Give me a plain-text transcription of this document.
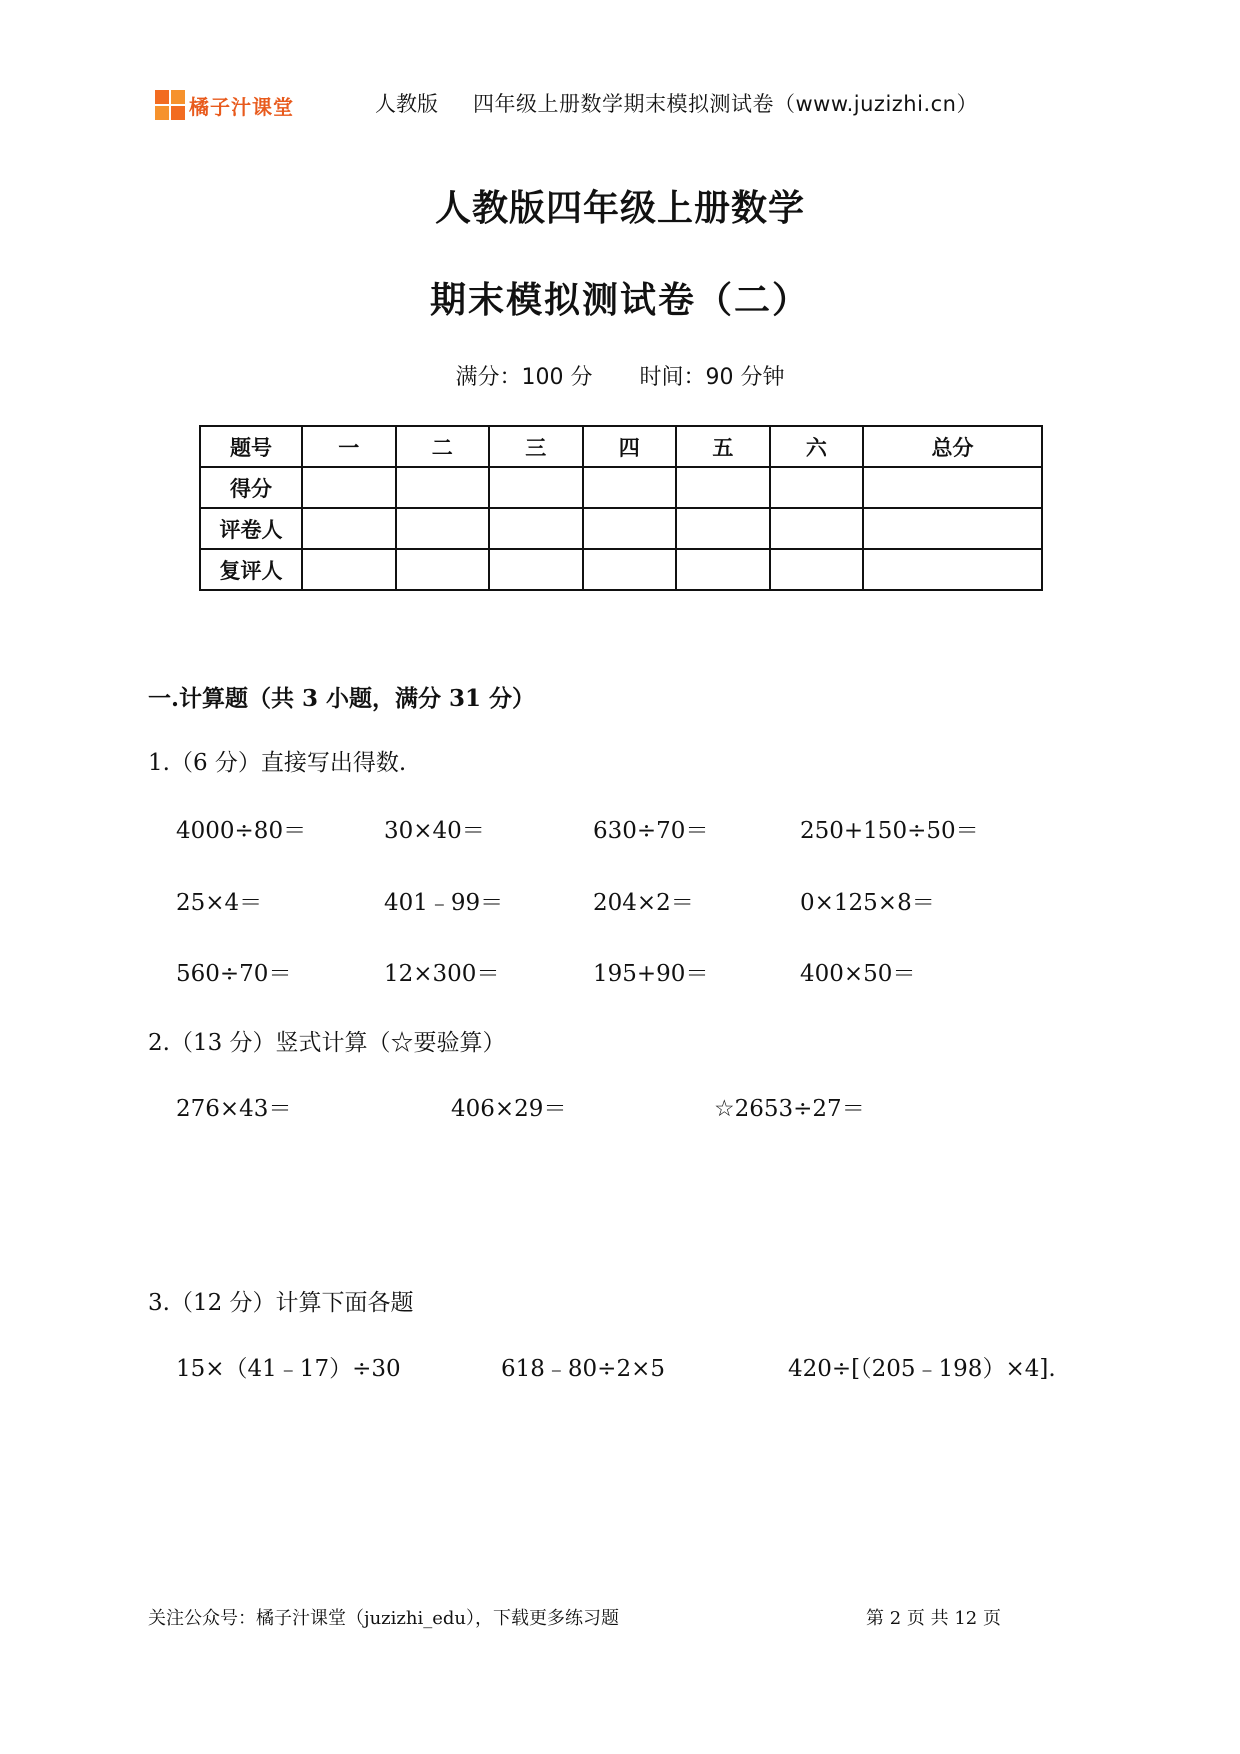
橘子汁课堂	人教版 四年级上册数学期末模拟测试卷（www.juzizhi.cn）
人教版四年级上册数学
期末模拟测试卷（二）
满分：100 分 时间：90 分钟
题号	一	二	三	四	五	六	总分
得分							
评卷人							
复评人							
一.计算题（共 3 小题，满分 31 分）
1.（6 分）直接写出得数.
4000÷80＝	30×40＝	630÷70＝	250+150÷50＝
25×4＝	401﹣99＝	204×2＝	0×125×8＝
560÷70＝	12×300＝	195+90＝	400×50＝
2.（13 分）竖式计算（☆要验算）
276×43＝	406×29＝	☆2653÷27＝
3.（12 分）计算下面各题
15×（41﹣17）÷30	618﹣80÷2×5	420÷[（205﹣198）×4].
关注公众号：橘子汁课堂（juzizhi_edu），下载更多练习题	第 2 页 共 12 页
